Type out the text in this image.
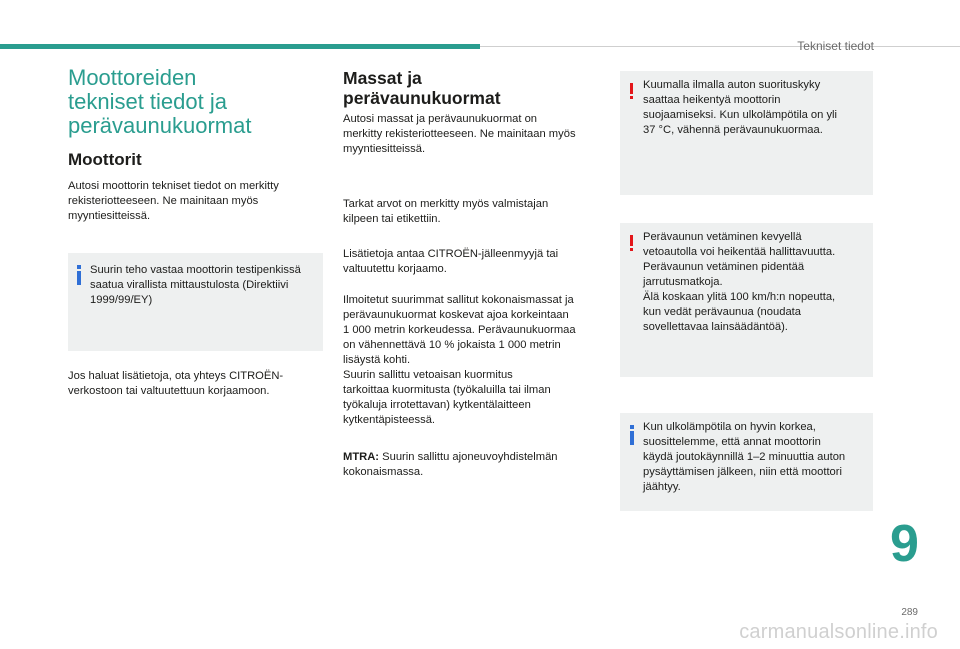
Tekniset tiedot
Moottoreiden
tekniset tiedot ja
perävaunukuormat
Moottorit

Autosi moottorin tekniset tiedot on merkitty
rekisteriotteeseen. Ne mainitaan myös
myyntiesitteissä.

Suurin teho vastaa moottorin testipenkissä
saatua virallista mittaustulosta (Direktiivi
1999/99/EY)

Jos haluat lisätietoja, ota yhteys CITROËN-
verkostoon tai valtuutettuun korjaamoon.

Massat ja
perävaunukuormat

Autosi massat ja perävaunukuormat on
merkitty rekisteriotteeseen. Ne mainitaan myös
myyntiesitteissä.

Tarkat arvot on merkitty myös valmistajan
kilpeen tai etikettiin.

Lisätietoja antaa CITROËN-jälleenmyyjä tai
valtuutettu korjaamo.

Ilmoitetut suurimmat sallitut kokonaismassat ja
perävaunukuormat koskevat ajoa korkeintaan
1 000 metrin korkeudessa. Perävaunukuormaa
on vähennettävä 10 % jokaista 1 000 metrin
lisäystä kohti.
Suurin sallittu vetoaisan kuormitus
tarkoittaa kuormitusta (työkaluilla tai ilman
työkaluja irrotettavan) kytkentälaitteen
kytkentäpisteessä.

MTRA: Suurin sallittu ajoneuvoyhdistelmän
kokonaismassa.

Kuumalla ilmalla auton suorituskyky
saattaa heikentyä moottorin
suojaamiseksi. Kun ulkolämpötila on yli
37 °C, vähennä perävaunukuormaa.
Perävaunun vetäminen kevyellä
vetoautolla voi heikentää hallittavuutta.
Perävaunun vetäminen pidentää
jarrutusmatkoja.
Älä koskaan ylitä 100 km/h:n nopeutta,
kun vedät perävaunua (noudata
sovellettavaa lainsäädäntöä).
Kun ulkolämpötila on hyvin korkea,
suosittelemme, että annat moottorin
käydä joutokäynnillä 1–2 minuuttia auton
pysäyttämisen jälkeen, niin että moottori
jäähtyy.
9
289
carmanualsonline.info
